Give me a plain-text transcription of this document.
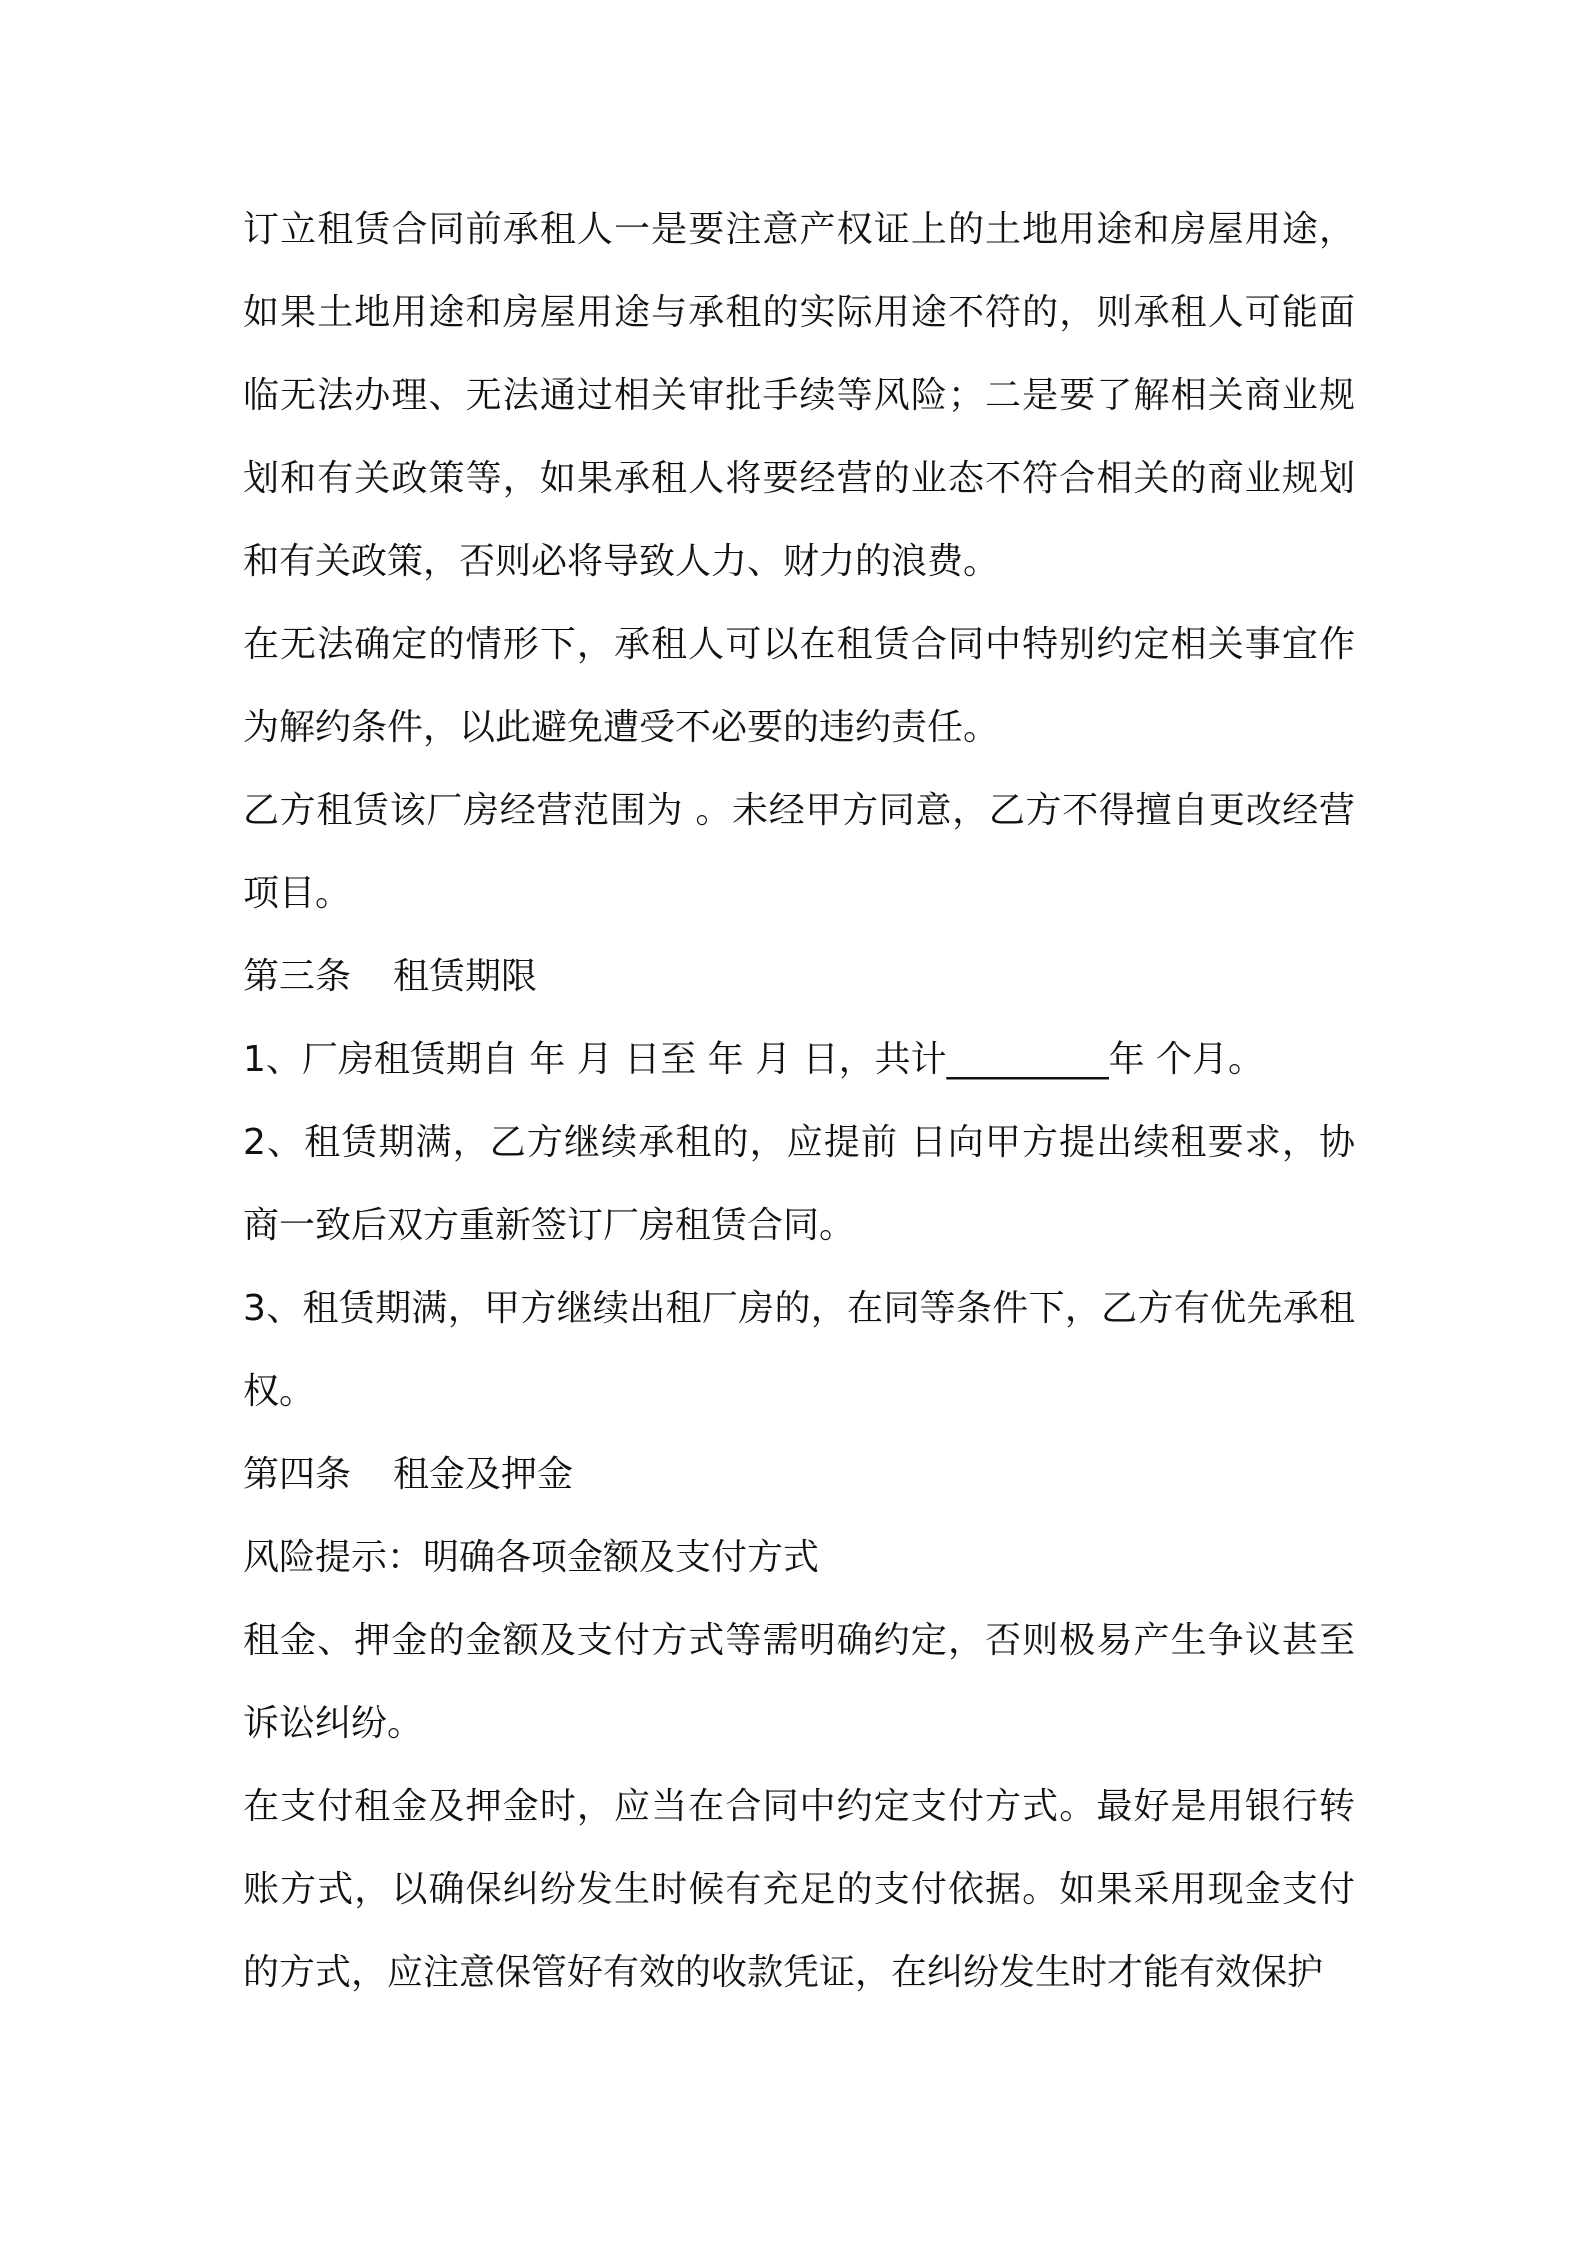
订立租赁合同前承租人一是要注意产权证上的土地用途和房屋用途，如果土地用途和房屋用途与承租的实际用途不符的，则承租人可能面临无法办理、无法通过相关审批手续等风险；二是要了解相关商业规划和有关政策等，如果承租人将要经营的业态不符合相关的商业规划和有关政策，否则必将导致人力、财力的浪费。

在无法确定的情形下，承租人可以在租赁合同中特别约定相关事宜作为解约条件，以此避免遭受不必要的违约责任。

乙方租赁该厂房经营范围为 。未经甲方同意，乙方不得擅自更改经营项目。

第三条 租赁期限

1、厂房租赁期自 年 月 日至 年 月 日，共计_________年 个月。

2、租赁期满，乙方继续承租的，应提前 日向甲方提出续租要求，协商一致后双方重新签订厂房租赁合同。

3、租赁期满，甲方继续出租厂房的，在同等条件下，乙方有优先承租权。

第四条 租金及押金

风险提示：明确各项金额及支付方式

租金、押金的金额及支付方式等需明确约定，否则极易产生争议甚至诉讼纠纷。

在支付租金及押金时，应当在合同中约定支付方式。最好是用银行转账方式，以确保纠纷发生时候有充足的支付依据。如果采用现金支付的方式，应注意保管好有效的收款凭证，在纠纷发生时才能有效保护
